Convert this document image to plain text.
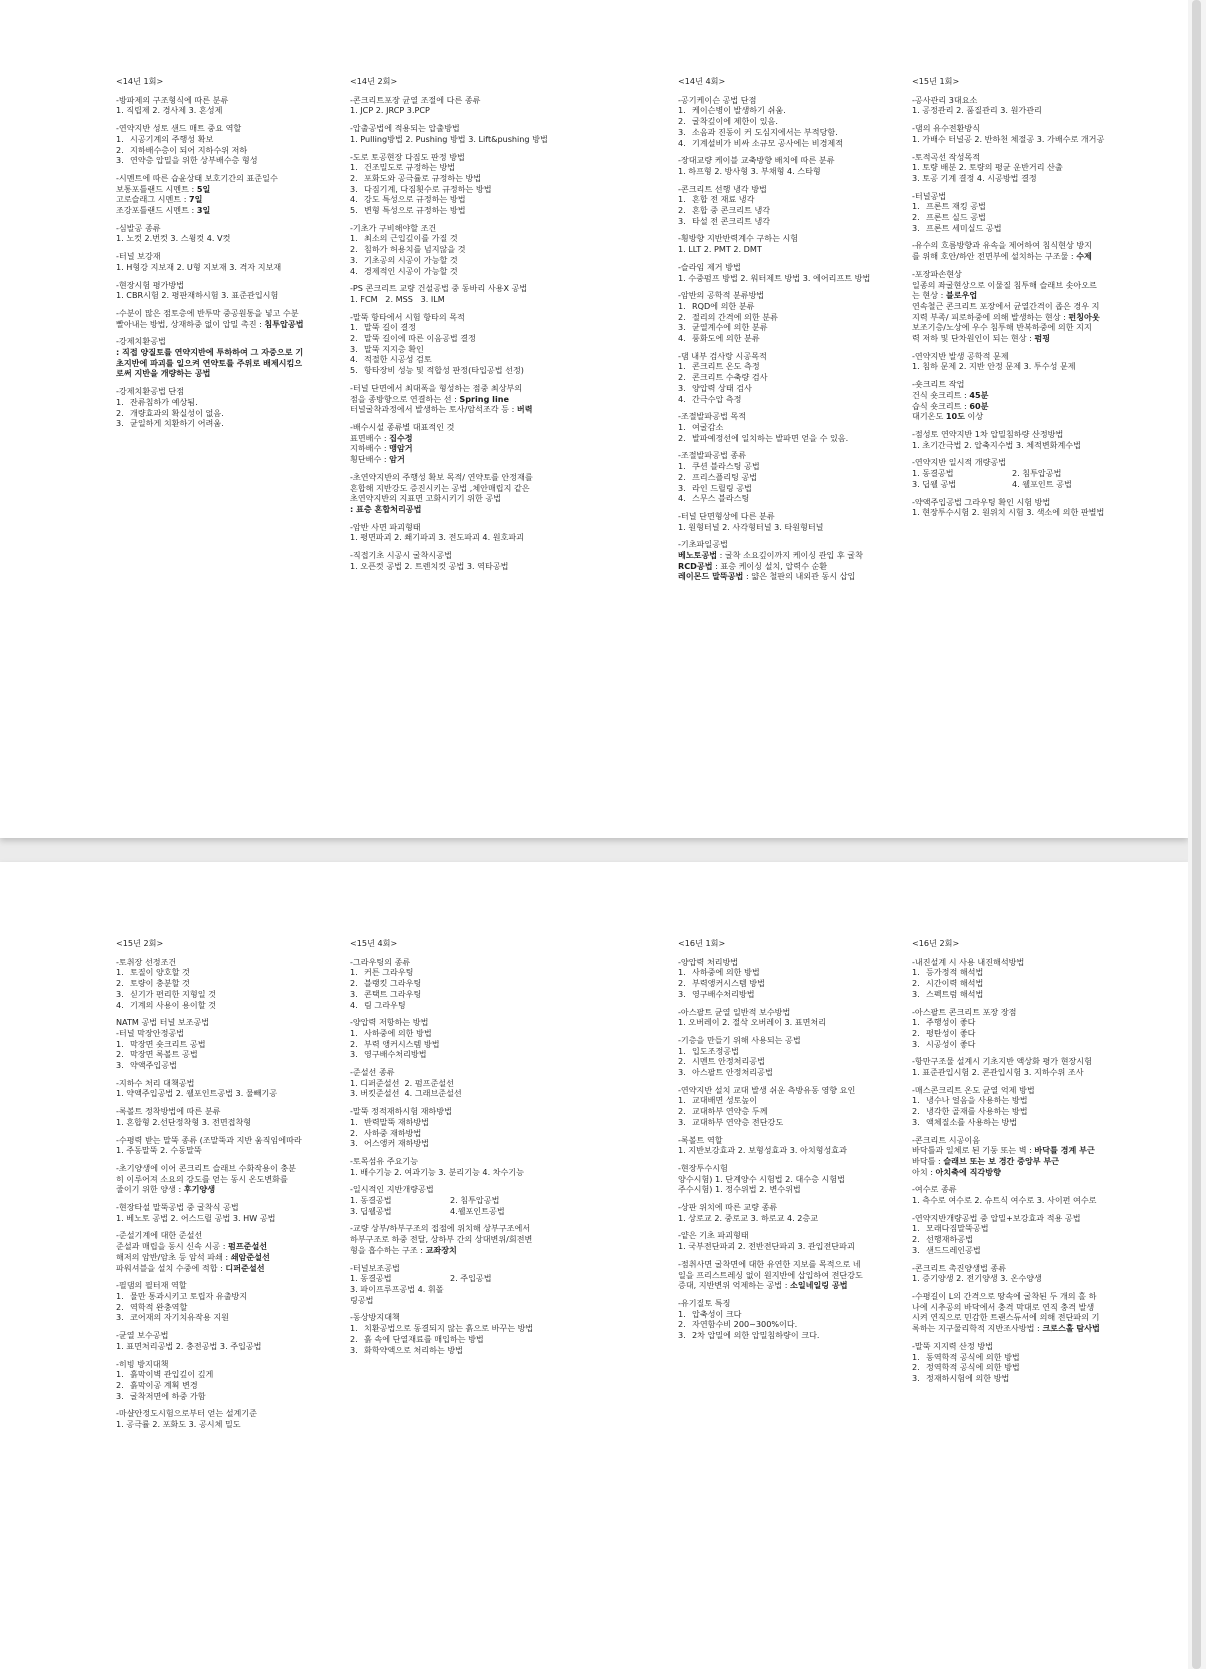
<14년 1회>
-방파제의 구조형식에 따른 분류
1. 직립제 2. 경사제 3. 혼성제
-연약지반 성토 샌드 매트 중요 역할
1. 시공기계의 주행성 확보
2. 지하배수층이 되어 지하수위 저하
3. 연약층 압밀을 위한 상부배수층 형성
-시멘트에 따른 습윤상태 보호기간의 표준일수
보통포틀랜드 시멘트 : 5일
고로슬래그 시멘트 : 7일
조강포틀랜드 시멘트 : 3일
-심발공 종류
1. 노컷 2.번컷 3. 스윙컷 4. V컷
-터널 보강재
1. H형강 지보재 2. U형 지보재 3. 격자 지보재
-현장시험 평가방법
1. CBR시험 2. 평판재하시험 3. 표준관입시험
-수분이 많은 점토층에 반투막 중공원통을 넣고 수분
빨아내는 방법, 상재하중 없이 압밀 촉진 : 침투압공법
-강제치환공법
: 직접 양질토를 연약지반에 투하하여 그 자중으로 기
초지반에 파괴를 일으켜 연약토를 주위로 배제시킴으
로써 지반을 개량하는 공법
-강제치환공법 단점
1. 잔류침하가 예상됨.
2. 개량효과의 확실성이 없음.
3. 균일하게 치환하기 어려움.
<14년 2회>
-콘크리트포장 균열 조절에 다른 종류
1. JCP 2. JRCP 3.PCP
-압출공법에 적용되는 압출방법
1. Pulling방법 2. Pushing 방법 3. Lift&pushing 방법
-도로 토공현장 다짐도 판정 방법
1. 건조밀도로 규정하는 방법
2. 포화도와 공극률로 규정하는 방법
3. 다짐기계, 다짐횟수로 규정하는 방법
4. 강도 특성으로 규정하는 방법
5. 변형 특성으로 규정하는 방법
-기초가 구비해야할 조건
1. 최소의 근입깊이를 가질 것
2. 침하가 허용치를 넘지않을 것
3. 기초공의 시공이 가능할 것
4. 경제적인 시공이 가능할 것
-PS 콘크리트 교량 건설공법 중 동바리 사용X 공법
1. FCM   2. MSS   3. ILM
-말뚝 항타에서 시험 항타의 목적
1. 말뚝 길이 결정
2. 말뚝 길이에 따른 이음공법 결정
3. 말뚝 지지층 확인
4. 적절한 시공성 검토
5. 항타장비 성능 및 적합성 판정(타입공법 선정)
-터널 단면에서 최대폭을 형성하는 점중 최상부의
점을 종방향으로 연결하는 선 : Spring line
터널굴착과정에서 발생하는 토사/암석조각 등 : 버력
-배수시설 종류별 대표적인 것
표면배수 : 집수정
지하배수 : 맹암거
횡단배수 : 암거
-초연약지반의 주행성 확보 목적/ 연약토를 안정재를
혼합해 지반강도 증진시키는 공법 ,체안매립지 같은
초연약지반의 지표면 고화시키기 위한 공법
: 표층 혼합처리공법
-암반 사면 파괴형태
1. 평면파괴 2. 쐐기파괴 3. 전도파괴 4. 원호파괴
-직접기초 시공시 굴착시공법
1. 오픈컷 공법 2. 트렌치컷 공법 3. 역타공법
<14년 4회>
-공기케이슨 공법 단점
1. 케이슨병이 발생하기 쉬움.
2. 굴착깊이에 제한이 있음.
3. 소음과 진동이 커 도심지에서는 부적당함.
4. 기계설비가 비싸 소규모 공사에는 비경제적
-장대교량 케이블 교축방향 배치에 따른 분류
1. 하프형 2. 방사형 3. 부채형 4. 스타형
-콘크리트 선행 냉각 방법
1. 혼합 전 재료 냉각
2. 혼합 중 콘크리트 냉각
3. 타설 전 콘크리트 냉각
-횡방향 지반반력계수 구하는 시험
1. LLT 2. PMT 2. DMT
-슬라임 제거 방법
1. 수중펌프 방법 2. 워터제트 방법 3. 에어리프트 방법
-암반의 공학적 분류방법
1. RQD에 의한 분류
2. 절리의 간격에 의한 분류
3. 균열계수에 의한 분류
4. 풍화도에 의한 분류
-댐 내부 검사랑 시공목적
1. 콘크리트 온도 측정
2. 콘크리트 수축량 검사
3. 양압력 상태 검사
4. 간극수압 측정
-조절발파공법 목적
1. 여굴감소
2. 발파예정선에 일치하는 발파면 얻을 수 있음.
-조절발파공법 종류
1. 쿠션 블라스팅 공법
2. 프리스플리팅 공법
3. 라인 드릴링 공법
4. 스무스 블라스팅
-터널 단면형상에 다른 분류
1. 원형터널 2. 사각형터널 3. 타원형터널
-기초파일공법
베노토공법 : 굴착 소요깊이까지 케이싱 관입 후 굴착
RCD공법 : 표층 케이싱 설치, 압력수 순환
레이몬드 말뚝공법 : 얇은 철판의 내외관 동시 삽입
<15년 1회>
-공사관리 3대요소
1. 공정관리 2. 품질관리 3. 원가관리
-댐의 유수전환방식
1. 가배수 터널공 2. 반하천 체절공 3. 가배수로 개거공
-토적곡선 작성목적
1. 토량 배분 2. 토량의 평균 운반거리 산출
3. 토공 기계 결정 4. 시공방법 결정
-터널공법
1. 프론트 재킹 공법
2. 프론트 실드 공법
3. 프론트 세미실드 공법
-유수의 흐름방향과 유속을 제어하여 침식현상 방지
를 위해 호안/하안 전면부에 설치하는 구조물 : 수제
-포장파손현상
일종의 좌굴현상으로 이물질 침투해 슬래브 솟아오르
는 현상 : 블로우업
연속철근 콘크리트 포장에서 균열간격이 좁은 경우 지
지력 부족/ 피로하중에 의해 발생하는 현상 : 펀칭아웃
보조기층/노상에 우수 침투해 반복하중에 의한 지지
력 저하 및 단차원인이 되는 현상 : 펌핑
-연약지반 발생 공학적 문제
1. 침하 문제 2. 지반 안정 문제 3. 투수성 문제
-숏크리트 작업
건식 숏크리트 : 45분
습식 숏크리트 : 60분
대기온도 10도 이상
-점성토 연약지반 1차 압밀침하량 산정방법
1. 초기간극법 2. 압축지수법 3. 체적변화계수법
-연약지반 일시적 개량공법
1. 동결공법	2. 침투압공법
3. 딥웰 공법	4. 웰포인트 공법
-약액주입공법 그라우팅 확인 시험 방법
1. 현장투수시험 2. 원위치 시험 3. 색소에 의한 판별법
<15년 2회>
-토취장 선정조건
1. 토질이 양호할 것
2. 토량이 충분할 것
3. 싣기가 편리한 지형일 것
4. 기계의 사용이 용이할 것
NATM 공법 터널 보조공법
-터널 막장안정공법
1. 막장면 숏크리트 공법
2. 막장면 록볼트 공법
3. 약액주입공법
-지하수 처리 대책공법
1. 약액주입공법 2. 웰포인트공법 3. 물빼기공
-록볼트 정착방법에 따른 분류
1. 혼합형 2.선단정착형 3. 전면접착형
-수평력 받는 말뚝 종류 (조말뚝과 지반 움직임에따라
1. 주동말뚝 2. 수동말뚝
-초기양생에 이어 콘크리트 슬래브 수화작용이 충분
히 이루어져 소요의 강도를 얻는 동시 온도변화를
줄이기 위한 양생 : 후기양생
-현장타설 말뚝공법 중 굴착식 공법
1. 베노토 공법 2. 어스드릴 공법 3. HW 공법
-준설기계에 대한 준설선
준설과 매립을 동시 신속 시공 : 펌프준설선
해저의 암반/암초 등 암석 파쇄 : 쇄암준설선
파워셔블을 설치 수중에 적합 : 디퍼준설선
-필댐의 필터재 역할
1. 물만 통과시키고 토립자 유출방지
2. 역학적 완충역할
3. 코어재의 자기치유작용 지원
-균열 보수공법
1. 표면처리공법 2. 충전공법 3. 주입공법
-히빙 방지대책
1. 흙막이벽 관입깊이 깊게
2. 흙막이공 계획 변경
3. 굴착저면에 하중 가함
-마샬안정도시험으로부터 얻는 설계기준
1. 공극률 2. 포화도 3. 공시체 밀도
<15년 4회>
-그라우팅의 종류
1. 커튼 그라우팅
2. 블랭킷 그라우팅
3. 콘택트 그라우팅
4. 림 그라우팅
-양압력 저항하는 방법
1. 사하중에 의한 방법
2. 부력 앵커시스템 방법
3. 영구배수처리방법
-준설선 종류
1. 디퍼준설선  2. 펌프준설선
3. 버킷준설선  4. 그래브준설선
-말뚝 정적재하시험 재하방법
1. 반력말뚝 재하방법
2. 사하중 재하방법
3. 어스앵커 재하방법
-토목섬유 주요기능
1. 배수기능 2. 여과기능 3. 분리기능 4. 차수기능
-일시적인 지반개량공법
1. 동결공법	2. 침투압공법
3. 딥웰공법	4.웰포인트공법
-교량 상부/하부구조의 접점에 위치해 상부구조에서
하부구조로 하중 전달, 상하부 간의 상대변위/회전변
형을 흡수하는 구조 : 교좌장치
-터널보조공법
1. 동결공법	2. 주입공법
3. 파이프루프공법 4. 휘폴링공법
-동상방지대책
1. 치환공법으로 동결되지 않는 흙으로 바꾸는 방법
2. 흙 속에 단열재료를 매입하는 방법
3. 화학약액으로 처리하는 방법
<16년 1회>
-양압력 처리방법
1. 사하중에 의한 방법
2. 부력앵커시스템 방법
3. 영구배수처리방법
-아스팔트 균열 일반적 보수방법
1. 오버레이 2. 절삭 오버레이 3. 표면처리
-기층을 만들기 위해 사용되는 공법
1. 입도조정공법
2. 시멘트 안정처리공법
3. 아스팔트 안정처리공법
-연약지반 설치 교대 발생 쉬운 측방유동 영향 요인
1. 교대배면 성토높이
2. 교대하부 연약층 두께
3. 교대하부 연약층 전단강도
-록볼트 역할
1. 지반보강효과 2. 보형성효과 3. 아치형성효과
-현장투수시험
양수시험) 1. 단계양수 시험법 2. 대수층 시험법
주수시험) 1. 정수위법 2. 변수위법
-상판 위치에 따른 교량 종류
1. 상로교 2. 중로교 3. 하로교 4. 2층교
-얕은 기초 파괴형태
1. 국부전단파괴 2. 전반전단파괴 3. 관입전단파괴
-점취사면 굴착면에 대한 유연한 지보를 목적으로 네
일을 프리스트레싱 없이 원지반에 삽입하여 전단강도
증대, 지반변위 억제하는 공법 : 소일네일링 공법
-유기질토 특징
1. 압축성이 크다
2. 자연함수비 200~300%이다.
3. 2차 압밀에 의한 압밀침하량이 크다.
<16년 2회>
-내진설계 시 사용 내진해석방법
1. 등가정적 해석법
2. 시간이력 해석법
3. 스펙트럼 해석법
-아스팔트 콘크리트 포장 장점
1. 주행성이 좋다
2. 평탄성이 좋다
3. 시공성이 좋다
-항만구조물 설계시 기초지반 액상화 평가 현장시험
1. 표준관입시험 2. 콘관입시험 3. 지하수위 조사
-매스콘크리트 온도 균열 억제 방법
1. 냉수나 얼음을 사용하는 방법
2. 냉각한 골재를 사용하는 방법
3. 액체질소를 사용하는 방법
-콘크리트 시공이음
바닥틀과 일체로 된 기둥 또는 벽 : 바닥틀 경계 부근
바닥틀 : 슬래브 또는 보 경간 중앙부 부근
아치 : 아치축에 직각방향
-여수로 종류
1. 측수로 여수로 2. 슈트식 여수로 3. 사이펀 여수로
-연약지반개량공법 중 압밀+보강효과 적용 공법
1. 모래다짐말뚝공법
2. 선행재하공법
3. 샌드드레인공법
-콘크리트 촉진양생법 종류
1. 증기양생 2. 전기양생 3. 온수양생
-수평길이 L의 간격으로 땅속에 굴착된 두 개의 홀 하
나에 시추공의 바닥에서 충격 막대로 연직 충격 발생
시켜 연직으로 민감한 트랜스듀서에 의해 전단파의 기
록하는 지구물리학적 지반조사방법 : 크로스홀 탐사법
-말뚝 지지력 산정 방법
1. 동역학적 공식에 의한 방법
2. 정역학적 공식에 의한 방법
3. 정재하시험에 의한 방법
